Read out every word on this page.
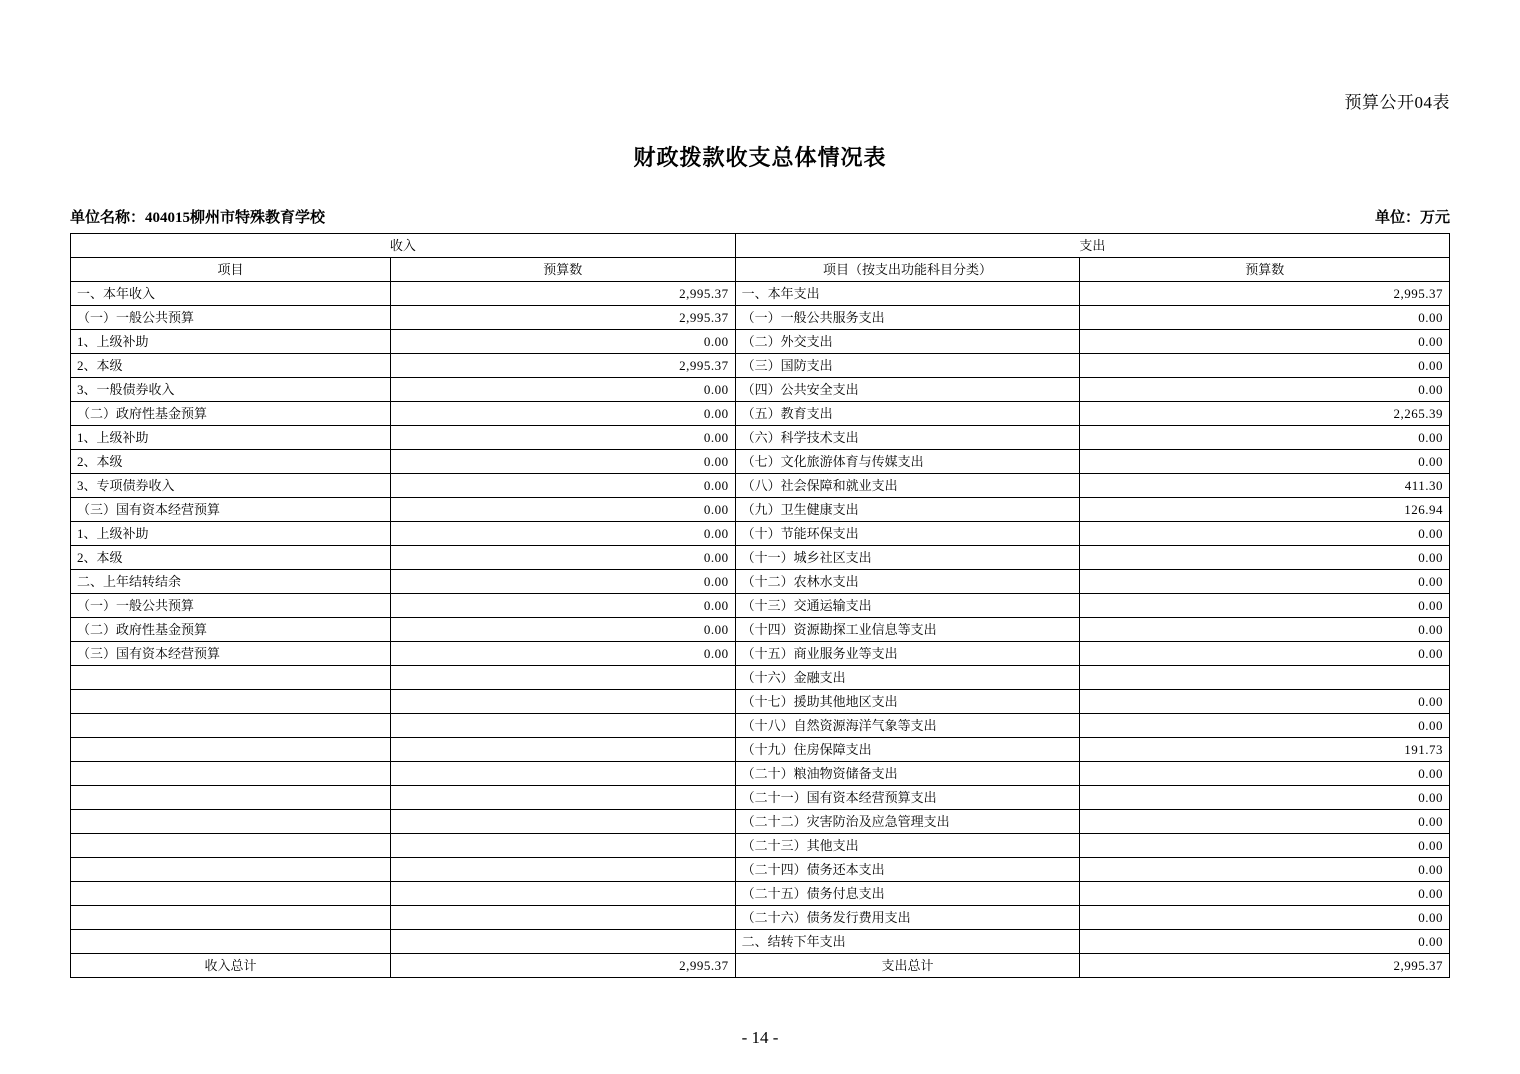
预算公开04表
财政拨款收支总体情况表
单位名称：404015柳州市特殊教育学校	单位：万元
收入		支出	
项目	预算数	项目（按支出功能科目分类）	预算数
一、本年收入	2,995.37	一、本年支出	2,995.37
（一）一般公共预算	2,995.37	（一）一般公共服务支出	0.00
1、上级补助	0.00	（二）外交支出	0.00
2、本级	2,995.37	（三）国防支出	0.00
3、一般债券收入	0.00	（四）公共安全支出	0.00
（二）政府性基金预算	0.00	（五）教育支出	2,265.39
1、上级补助	0.00	（六）科学技术支出	0.00
2、本级	0.00	（七）文化旅游体育与传媒支出	0.00
3、专项债券收入	0.00	（八）社会保障和就业支出	411.30
（三）国有资本经营预算	0.00	（九）卫生健康支出	126.94
1、上级补助	0.00	（十）节能环保支出	0.00
2、本级	0.00	（十一）城乡社区支出	0.00
二、上年结转结余	0.00	（十二）农林水支出	0.00
（一）一般公共预算	0.00	（十三）交通运输支出	0.00
（二）政府性基金预算	0.00	（十四）资源勘探工业信息等支出	0.00
（三）国有资本经营预算	0.00	（十五）商业服务业等支出	0.00
		（十六）金融支出	
		（十七）援助其他地区支出	0.00
		（十八）自然资源海洋气象等支出	0.00
		（十九）住房保障支出	191.73
		（二十）粮油物资储备支出	0.00
		（二十一）国有资本经营预算支出	0.00
		（二十二）灾害防治及应急管理支出	0.00
		（二十三）其他支出	0.00
		（二十四）债务还本支出	0.00
		（二十五）债务付息支出	0.00
		（二十六）债务发行费用支出	0.00
		二、结转下年支出	0.00
收入总计	2,995.37	支出总计	2,995.37
- 14 -
